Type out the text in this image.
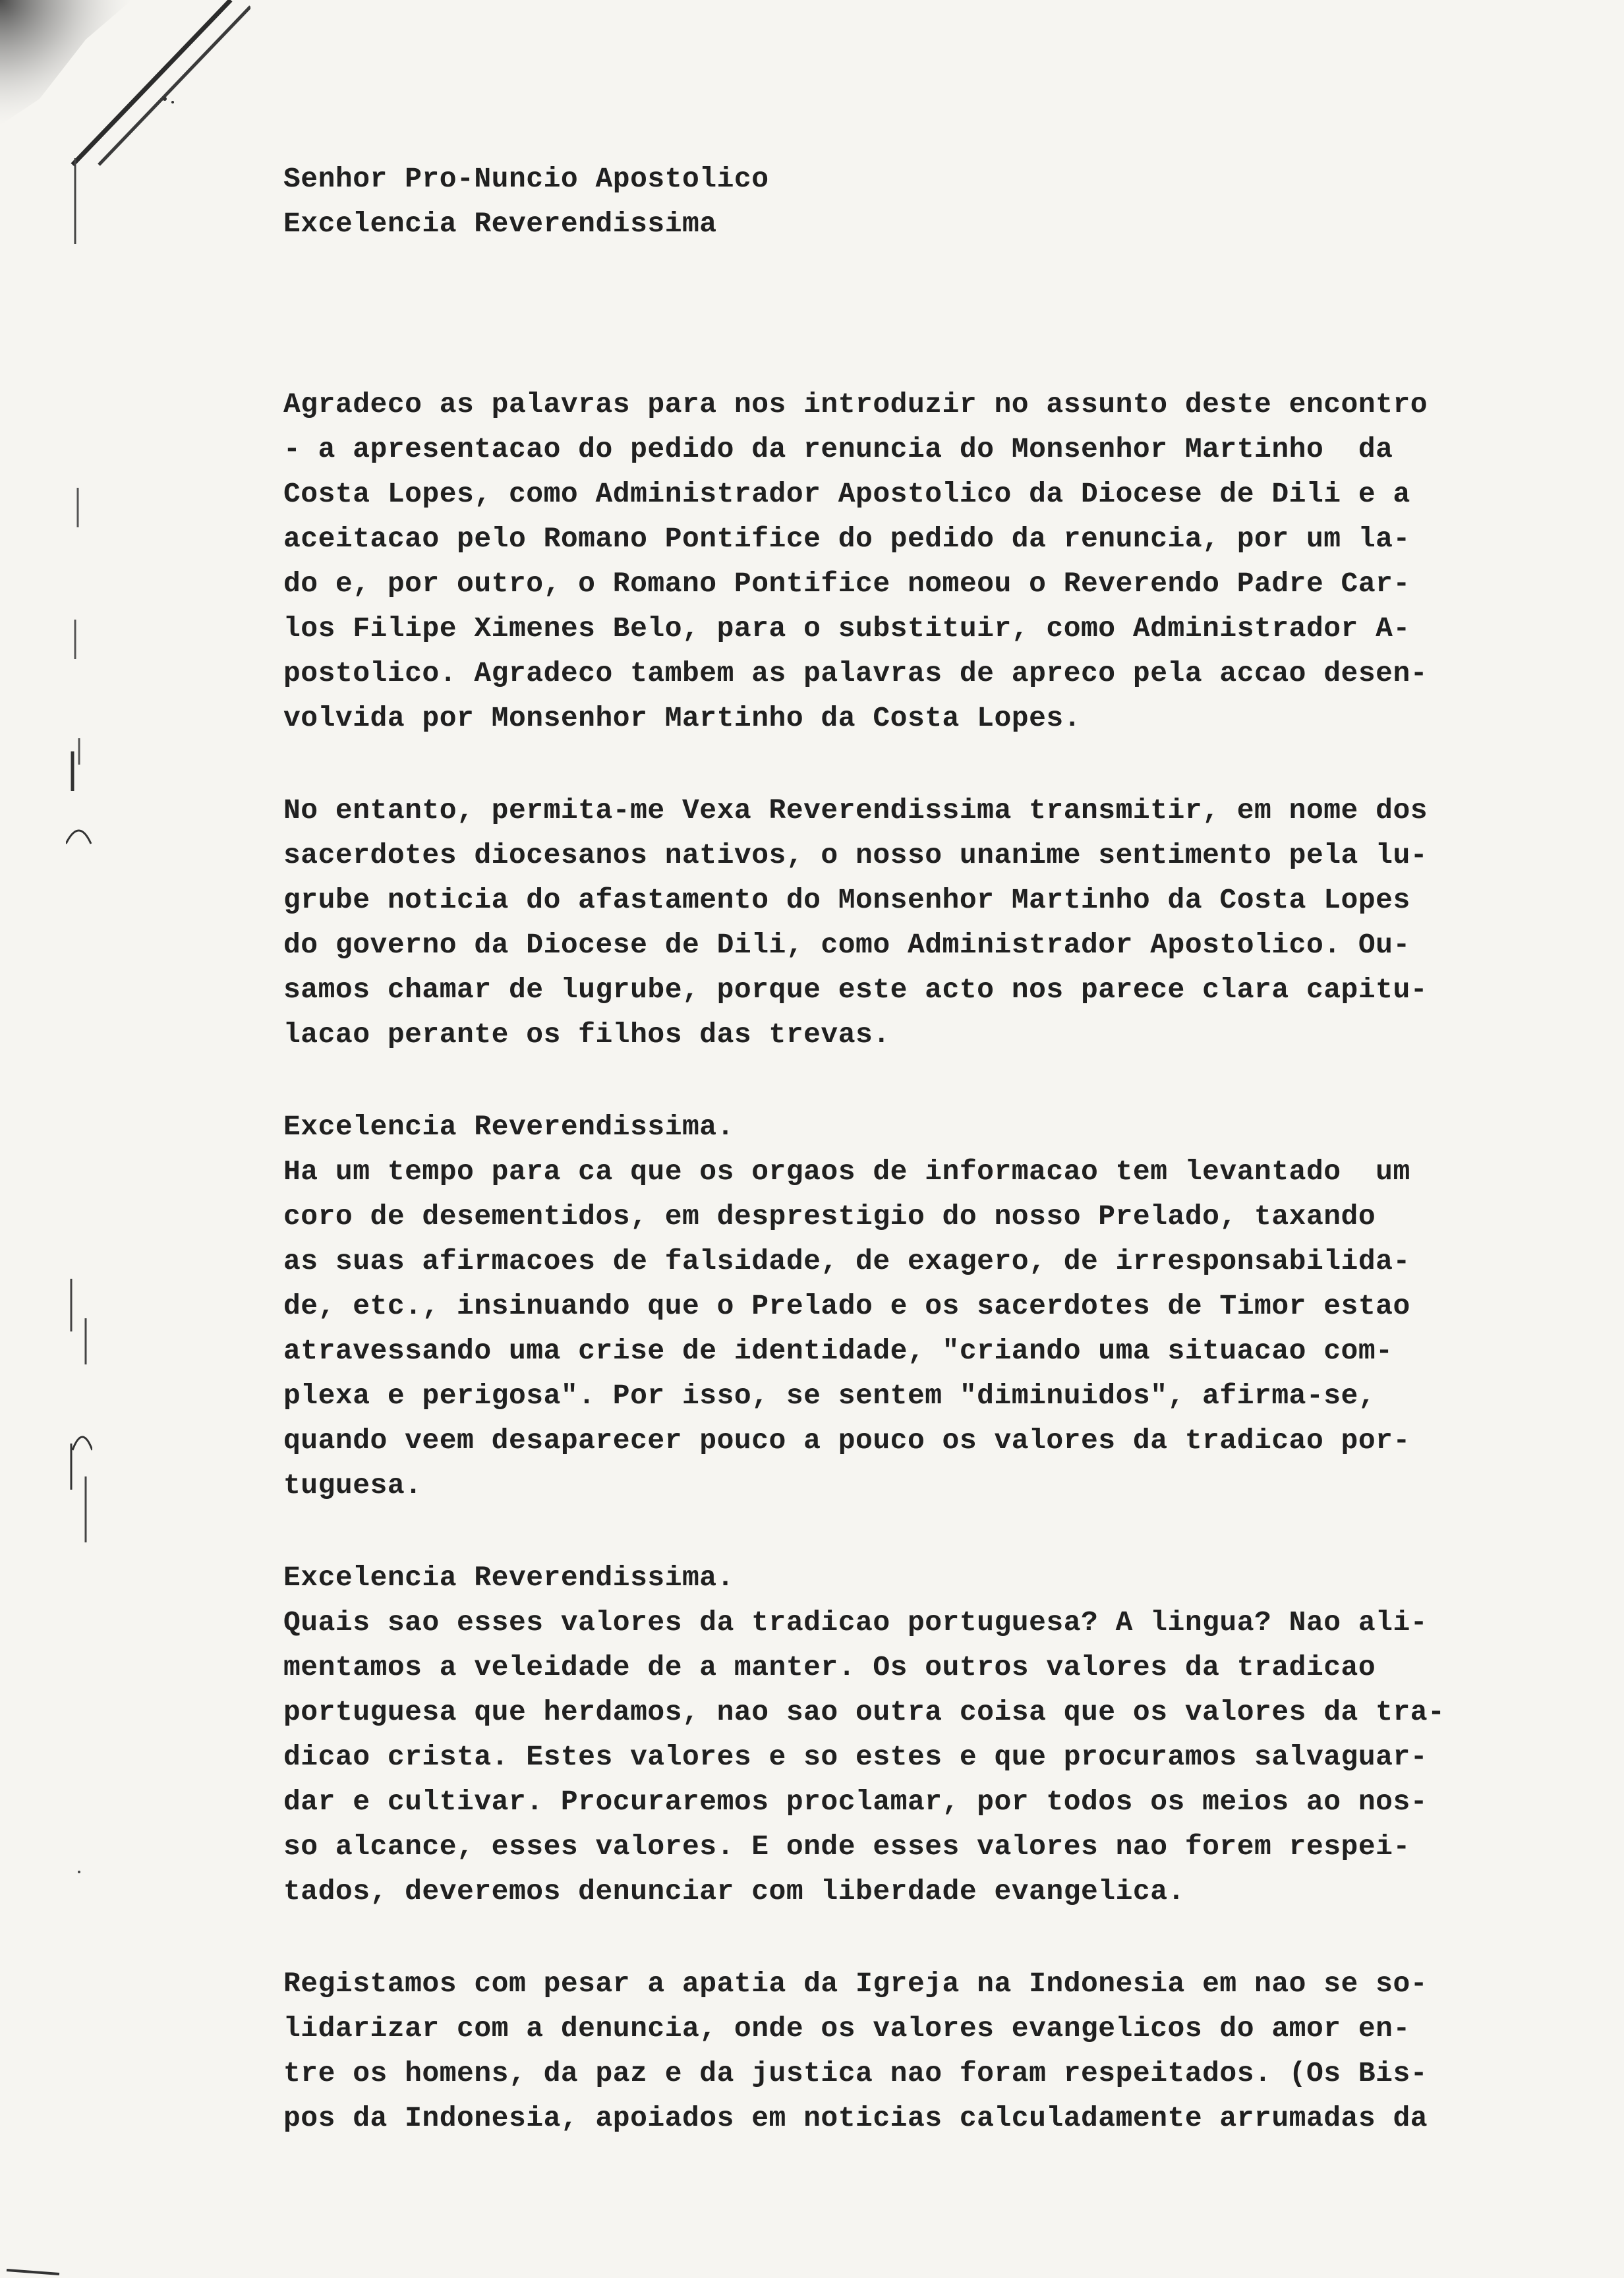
Senhor Pro-Nuncio Apostolico
Excelencia Reverendissima
Agradeco as palavras para nos introduzir no assunto deste encontro
- a apresentacao do pedido da renuncia do Monsenhor Martinho  da
Costa Lopes, como Administrador Apostolico da Diocese de Dili e a
aceitacao pelo Romano Pontifice do pedido da renuncia, por um la-
do e, por outro, o Romano Pontifice nomeou o Reverendo Padre Car-
los Filipe Ximenes Belo, para o substituir, como Administrador A-
postolico. Agradeco tambem as palavras de apreco pela accao desen-
volvida por Monsenhor Martinho da Costa Lopes.
No entanto, permita-me Vexa Reverendissima transmitir, em nome dos
sacerdotes diocesanos nativos, o nosso unanime sentimento pela lu-
grube noticia do afastamento do Monsenhor Martinho da Costa Lopes
do governo da Diocese de Dili, como Administrador Apostolico. Ou-
samos chamar de lugrube, porque este acto nos parece clara capitu-
lacao perante os filhos das trevas.
Excelencia Reverendissima.
Ha um tempo para ca que os orgaos de informacao tem levantado  um
coro de desementidos, em desprestigio do nosso Prelado, taxando
as suas afirmacoes de falsidade, de exagero, de irresponsabilida-
de, etc., insinuando que o Prelado e os sacerdotes de Timor estao
atravessando uma crise de identidade, "criando uma situacao com-
plexa e perigosa". Por isso, se sentem "diminuidos", afirma-se,
quando veem desaparecer pouco a pouco os valores da tradicao por-
tuguesa.
Excelencia Reverendissima.
Quais sao esses valores da tradicao portuguesa? A lingua? Nao ali-
mentamos a veleidade de a manter. Os outros valores da tradicao
portuguesa que herdamos, nao sao outra coisa que os valores da tra-
dicao crista. Estes valores e so estes e que procuramos salvaguar-
dar e cultivar. Procuraremos proclamar, por todos os meios ao nos-
so alcance, esses valores. E onde esses valores nao forem respei-
tados, deveremos denunciar com liberdade evangelica.
Registamos com pesar a apatia da Igreja na Indonesia em nao se so-
lidarizar com a denuncia, onde os valores evangelicos do amor en-
tre os homens, da paz e da justica nao foram respeitados. (Os Bis-
pos da Indonesia, apoiados em noticias calculadamente arrumadas da
